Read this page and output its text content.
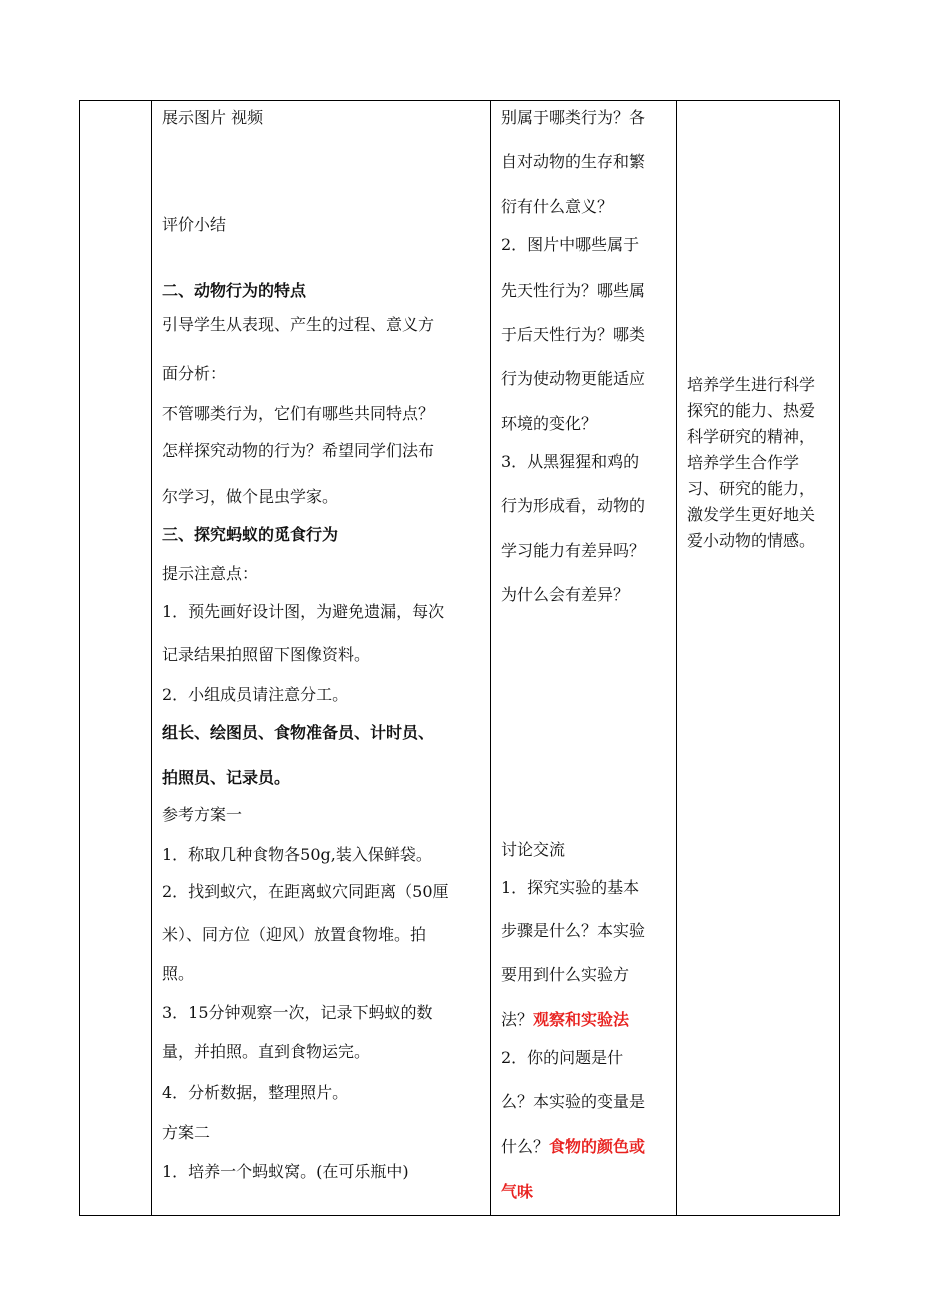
展示图片 视频
评价小结
二、动物行为的特点
引导学生从表现、产生的过程、意义方
面分析：
不管哪类行为，它们有哪些共同特点？
怎样探究动物的行为？希望同学们法布
尔学习，做个昆虫学家。
三、探究蚂蚁的觅食行为
提示注意点：
1．预先画好设计图，为避免遗漏，每次
记录结果拍照留下图像资料。
2．小组成员请注意分工。
组长、绘图员、食物准备员、计时员、
拍照员、记录员。
参考方案一
1．称取几种食物各50g,装入保鲜袋。
2．找到蚁穴，在距离蚁穴同距离（50厘
米）、同方位（迎风）放置食物堆。拍
照。
3．15分钟观察一次，记录下蚂蚁的数
量，并拍照。直到食物运完。
4．分析数据，整理照片。
方案二
1．培养一个蚂蚁窝。(在可乐瓶中)
别属于哪类行为？各
自对动物的生存和繁
衍有什么意义？
2．图片中哪些属于
先天性行为？哪些属
于后天性行为？哪类
行为使动物更能适应
环境的变化？
3．从黑猩猩和鸡的
行为形成看，动物的
学习能力有差异吗？
为什么会有差异？
讨论交流
1．探究实验的基本
步骤是什么？本实验
要用到什么实验方
法？观察和实验法
2．你的问题是什
么？本实验的变量是
什么？食物的颜色或
气味
培养学生进行科学
探究的能力、热爱
科学研究的精神，
培养学生合作学
习、研究的能力，
激发学生更好地关
爱小动物的情感。
